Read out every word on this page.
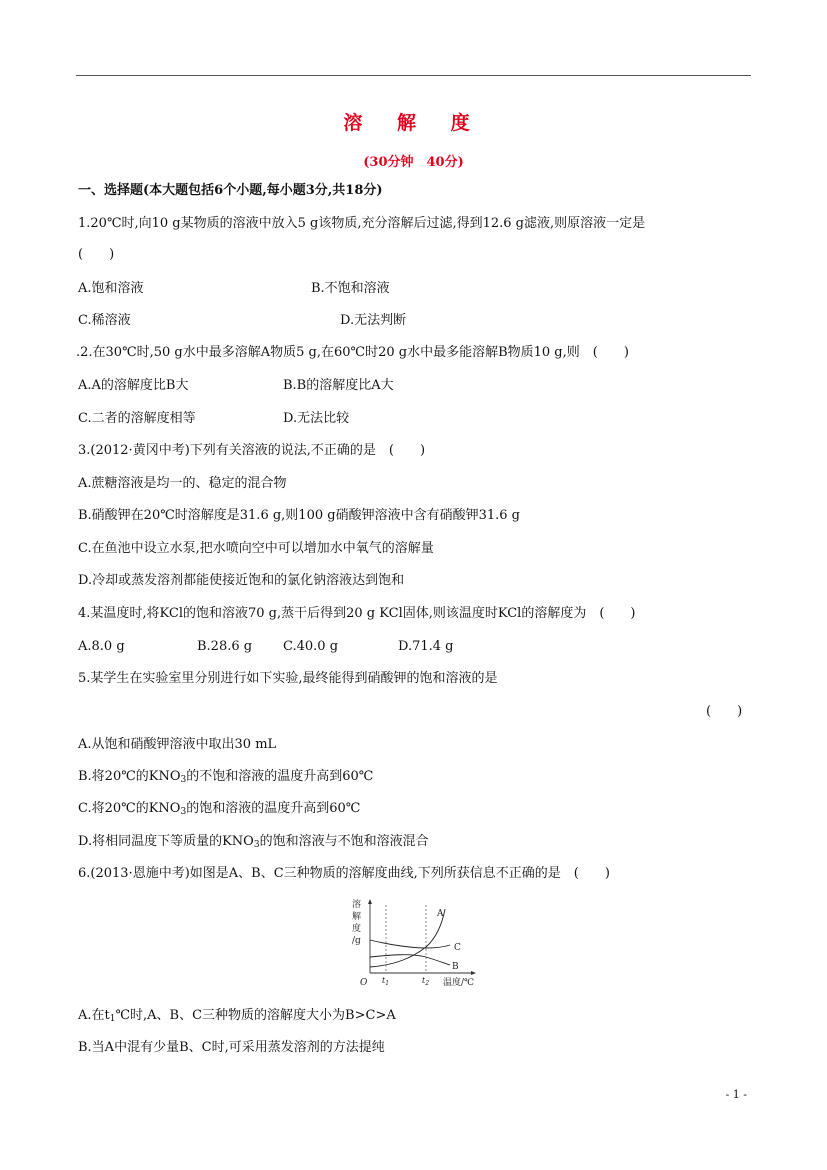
溶 解 度
(30分钟　40分)
一、选择题(本大题包括6个小题,每小题3分,共18分)
1.20℃时,向10 g某物质的溶液中放入5 g该物质,充分溶解后过滤,得到12.6 g滤液,则原溶液一定是
(　　)
A.饱和溶液	B.不饱和溶液
C.稀溶液	D.无法判断
.2.在30℃时,50 g水中最多溶解A物质5 g,在60℃时20 g水中最多能溶解B物质10 g,则　(　　)
A.A的溶解度比B大	B.B的溶解度比A大
C.二者的溶解度相等	D.无法比较
3.(2012·黄冈中考)下列有关溶液的说法,不正确的是　(　　)
A.蔗糖溶液是均一的、稳定的混合物
B.硝酸钾在20℃时溶解度是31.6 g,则100 g硝酸钾溶液中含有硝酸钾31.6 g
C.在鱼池中设立水泵,把水喷向空中可以增加水中氧气的溶解量
D.冷却或蒸发溶剂都能使接近饱和的氯化钠溶液达到饱和
4.某温度时,将KCl的饱和溶液70 g,蒸干后得到20 g KCl固体,则该温度时KCl的溶解度为　(　　)
A.8.0 g	B.28.6 g C.40.0 g	D.71.4 g
5.某学生在实验室里分别进行如下实验,最终能得到硝酸钾的饱和溶液的是
(　　)
A.从饱和硝酸钾溶液中取出30 mL
B.将20℃的$KNO_3$的不饱和溶液的温度升高到60℃
C.将20℃的$KNO_3$的饱和溶液的温度升高到60℃
D.将相同温度下等质量的$KNO_3$的饱和溶液与不饱和溶液混合
6.(2013·恩施中考)如图是A、B、C三种物质的溶解度曲线,下列所获信息不正确的是　(　　)
溶
解
度
/g
O	温度/℃
$t_1$	$t_2$
A
C
B
A.在$t_1℃$时,A、B、C三种物质的溶解度大小为B>C>A
B.当A中混有少量B、C时,可采用蒸发溶剂的方法提纯
- 1 -
